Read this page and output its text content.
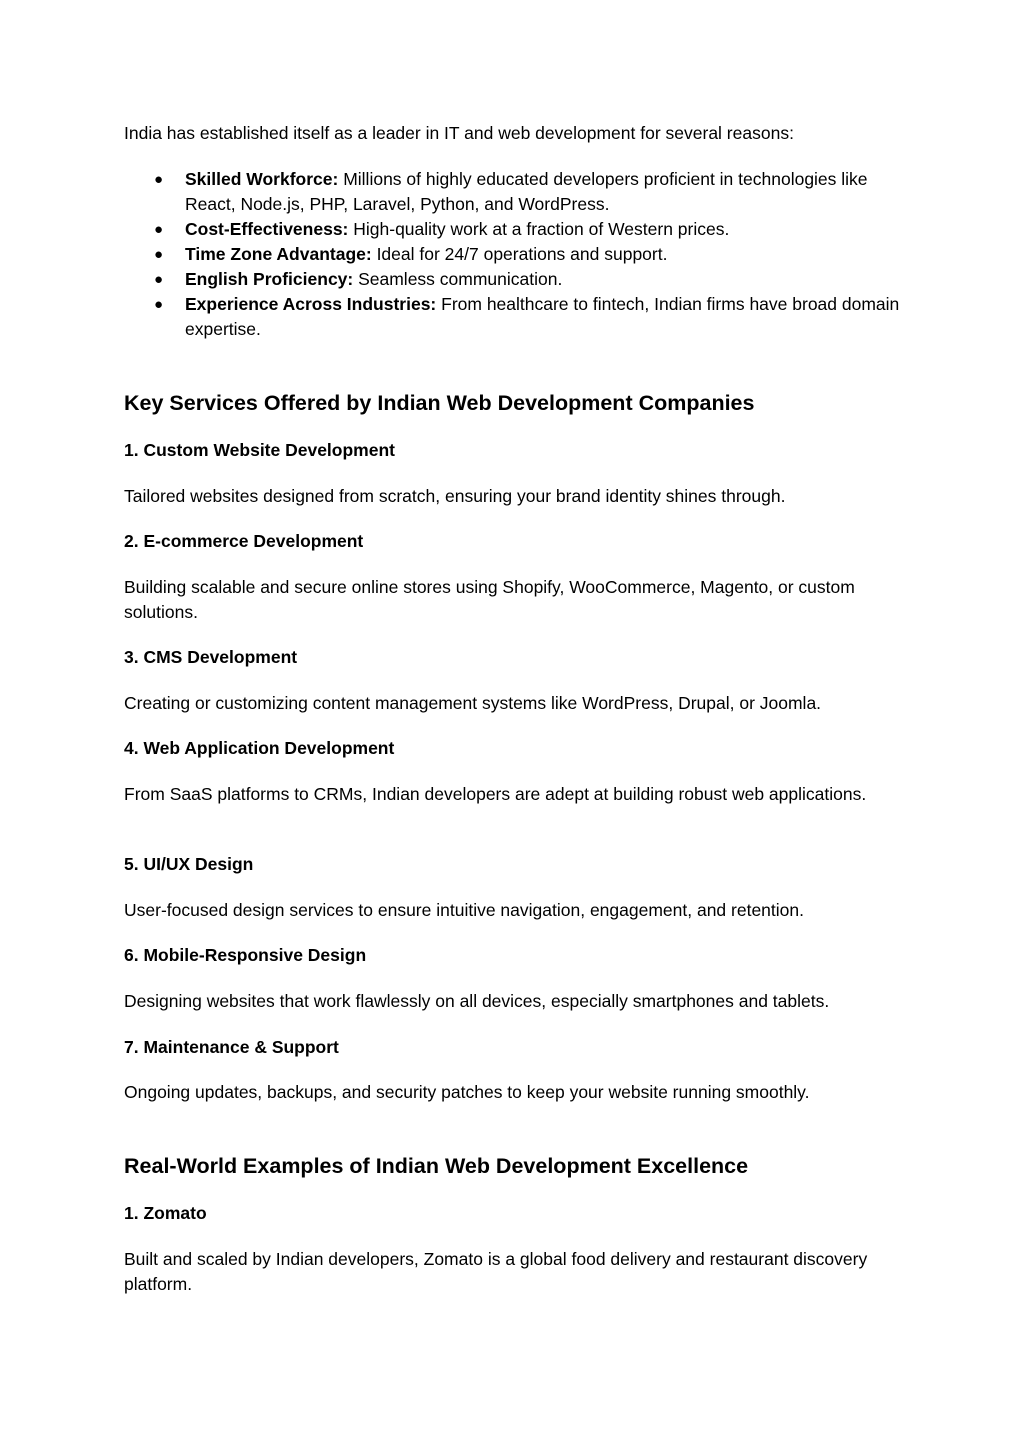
India has established itself as a leader in IT and web development for several reasons:

● Skilled Workforce: Millions of highly educated developers proficient in technologies like React, Node.js, PHP, Laravel, Python, and WordPress.
● Cost-Effectiveness: High-quality work at a fraction of Western prices.
● Time Zone Advantage: Ideal for 24/7 operations and support.
● English Proficiency: Seamless communication.
● Experience Across Industries: From healthcare to fintech, Indian firms have broad domain expertise.
Key Services Offered by Indian Web Development Companies
1. Custom Website Development

Tailored websites designed from scratch, ensuring your brand identity shines through.

2. E-commerce Development

Building scalable and secure online stores using Shopify, WooCommerce, Magento, or custom solutions.

3. CMS Development

Creating or customizing content management systems like WordPress, Drupal, or Joomla.

4. Web Application Development

From SaaS platforms to CRMs, Indian developers are adept at building robust web applications.

5. UI/UX Design

User-focused design services to ensure intuitive navigation, engagement, and retention.

6. Mobile-Responsive Design

Designing websites that work flawlessly on all devices, especially smartphones and tablets.

7. Maintenance & Support

Ongoing updates, backups, and security patches to keep your website running smoothly.

Real-World Examples of Indian Web Development Excellence
1. Zomato

Built and scaled by Indian developers, Zomato is a global food delivery and restaurant discovery platform.
